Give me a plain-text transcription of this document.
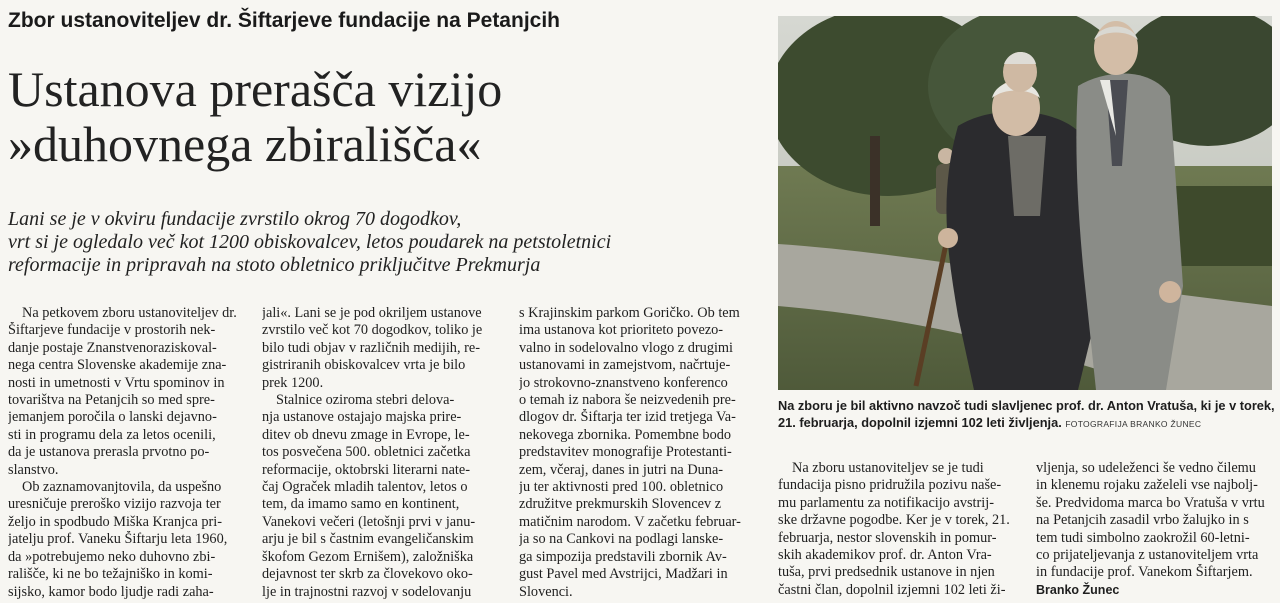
Zbor ustanoviteljev dr. Šiftarjeve fundacije na Petanjcih
Ustanova prerašča vizijo
»duhovnega zbirališča«
Lani se je v okviru fundacije zvrstilo okrog 70 dogodkov,
vrt si je ogledalo več kot 1200 obiskovalcev, letos poudarek na petstoletnici
reformacije in pripravah na stoto obletnico priključitve Prekmurja
Na petkovem zboru ustanoviteljev dr.
Šiftarjeve fundacije v prostorih nek-
danje postaje Znanstvenoraziskoval-
nega centra Slovenske akademije zna-
nosti in umetnosti v Vrtu spominov in
tovarištva na Petanjcih so med spre-
jemanjem poročila o lanski dejavno-
sti in programu dela za letos ocenili,
da je ustanova prerasla prvotno po-
slanstvo.
Ob zaznamovanjtovila, da uspešno
uresničuje preroško vizijo razvoja ter
željo in spodbudo Miška Kranjca pri-
jatelju prof. Vaneku Šiftarju leta 1960,
da »potrebujemo neko duhovno zbi-
rališče, ki ne bo težajniško in komi-
sijsko, kamor bodo ljudje radi zaha-
jali«. Lani se je pod okriljem ustanove
zvrstilo več kot 70 dogodkov, toliko je
bilo tudi objav v različnih medijih, re-
gistriranih obiskovalcev vrta je bilo
prek 1200.
Stalnice oziroma stebri delova-
nja ustanove ostajajo majska prire-
ditev ob dnevu zmage in Evrope, le-
tos posvečena 500. obletnici začetka
reformacije, oktobrski literarni nate-
čaj Ograček mladih talentov, letos o
tem, da imamo samo en kontinent,
Vanekovi večeri (letošnji prvi v janu-
arju je bil s častnim evangeličanskim
škofom Gezom Ernišem), založniška
dejavnost ter skrb za človekovo oko-
lje in trajnostni razvoj v sodelovanju
s Krajinskim parkom Goričko. Ob tem
ima ustanova kot prioriteto povezo-
valno in sodelovalno vlogo z drugimi
ustanovami in zamejstvom, načrtuje-
jo strokovno-znanstveno konferenco
o temah iz nabora še neizvedenih pre-
dlogov dr. Šiftarja ter izid tretjega Va-
nekovega zbornika. Pomembne bodo
predstavitev monografije Protestanti-
zem, včeraj, danes in jutri na Duna-
ju ter aktivnosti pred 100. obletnico
združitve prekmurskih Slovencev z
matičnim narodom. V začetku februar-
ja so na Cankovi na podlagi lanske-
ga simpozija predstavili zbornik Av-
gust Pavel med Avstrijci, Madžari in
Slovenci.
Na zboru je bil aktivno navzoč tudi slavljenec prof. dr. Anton Vratuša, ki je v torek,
21. februarja, dopolnil izjemni 102 leti življenja. FOTOGRAFIJA BRANKO ŽUNEC
Na zboru ustanoviteljev se je tudi
fundacija pisno pridružila pozivu naše-
mu parlamentu za notifikacijo avstrij-
ske državne pogodbe. Ker je v torek, 21.
februarja, nestor slovenskih in pomur-
skih akademikov prof. dr. Anton Vra-
tuša, prvi predsednik ustanove in njen
častni član, dopolnil izjemni 102 leti ži-
vljenja, so udeleženci še vedno čilemu
in klenemu rojaku zaželeli vse najbolj-
še. Predvidoma marca bo Vratuša v vrtu
na Petanjcih zasadil vrbo žalujko in s
tem tudi simbolno zaokrožil 60-letni-
co prijateljevanja z ustanoviteljem vrta
in fundacije prof. Vanekom Šiftarjem.
Branko Žunec
